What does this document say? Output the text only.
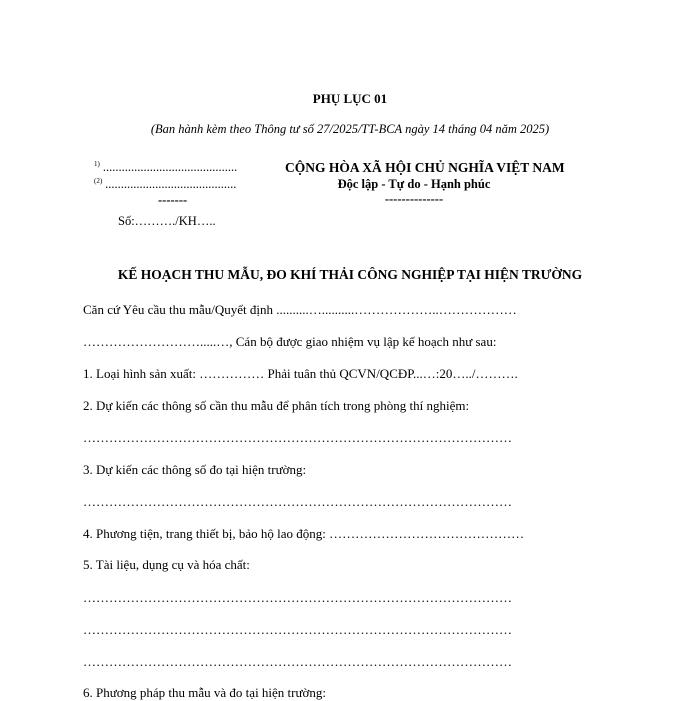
PHỤ LỤC 01
(Ban hành kèm theo Thông tư số 27/2025/TT-BCA ngày 14 tháng 04 năm 2025)
$^{1)}$ ...........................................
$^{(2)}$ ..........................................
-------
Số:………./KH…..
CỘNG HÒA XÃ HỘI CHỦ NGHĨA VIỆT NAM
Độc lập - Tự do - Hạnh phúc
--------------
KẾ HOẠCH THU MẪU, ĐO KHÍ THẢI CÔNG NGHIỆP TẠI HIỆN TRƯỜNG
Căn cứ Yêu cầu thu mẫu/Quyết định ..........…..........………………..………………
……………………….....…, Cán bộ được giao nhiệm vụ lập kế hoạch như sau:
1. Loại hình sản xuất: …………… Phải tuân thủ QCVN/QCĐP...…:20…../……….
2. Dự kiến các thông số cần thu mẫu để phân tích trong phòng thí nghiệm:
………………………………………………………………………………………
3. Dự kiến các thông số đo tại hiện trường:
………………………………………………………………………………………
4. Phương tiện, trang thiết bị, bảo hộ lao động: ………………………………………
5. Tài liệu, dụng cụ và hóa chất:
………………………………………………………………………………………
………………………………………………………………………………………
………………………………………………………………………………………
6. Phương pháp thu mẫu và đo tại hiện trường:
